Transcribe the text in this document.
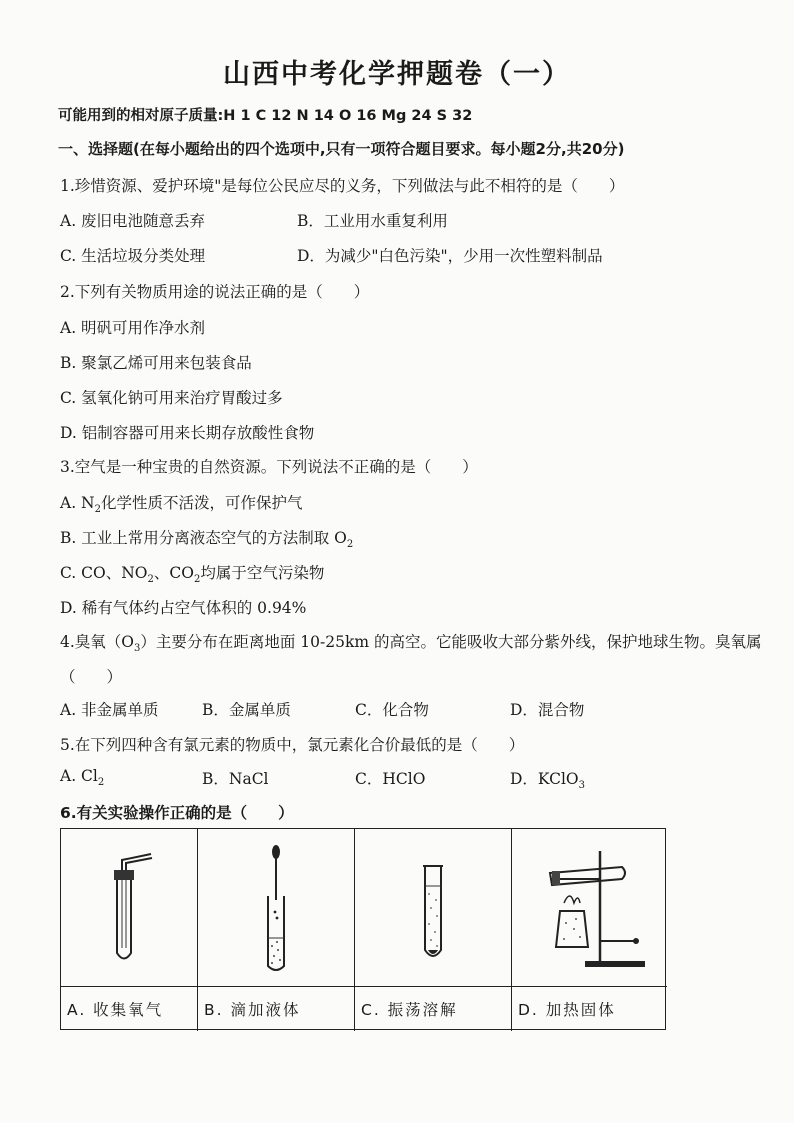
山西中考化学押题卷（一）
可能用到的相对原子质量:H 1 C 12 N 14 O 16 Mg 24 S 32
一、选择题(在每小题给出的四个选项中,只有一项符合题目要求。每小题2分,共20分)
1.珍惜资源、爱护环境"是每位公民应尽的义务，下列做法与此不相符的是（　　）
A. 废旧电池随意丢弃	B．工业用水重复利用
C. 生活垃圾分类处理	D．为减少"白色污染"，少用一次性塑料制品
2.下列有关物质用途的说法正确的是（　　）
A. 明矾可用作净水剂
B. 聚氯乙烯可用来包装食品
C. 氢氧化钠可用来治疗胃酸过多
D. 铝制容器可用来长期存放酸性食物
3.空气是一种宝贵的自然资源。下列说法不正确的是（　　）
A. $N_2$化学性质不活泼，可作保护气
B. 工业上常用分离液态空气的方法制取 $O_2$
C. CO、$NO_2$、$CO_2$均属于空气污染物
D. 稀有气体约占空气体积的 0.94%
4.臭氧$(O_3)$主要分布在距离地面 10-25km 的高空。它能吸收大部分紫外线，保护地球生物。臭氧属
（　　）
A. 非金属单质	B．金属单质	C．化合物	D．混合物
5.在下列四种含有氯元素的物质中，氯元素化合价最低的是（　　）
A. $Cl_2$	B．NaCl	C．HClO	D．KClO$_3$
6.有关实验操作正确的是（　　）
A. 收集氧气	B. 滴加液体	C. 振荡溶解	D. 加热固体
